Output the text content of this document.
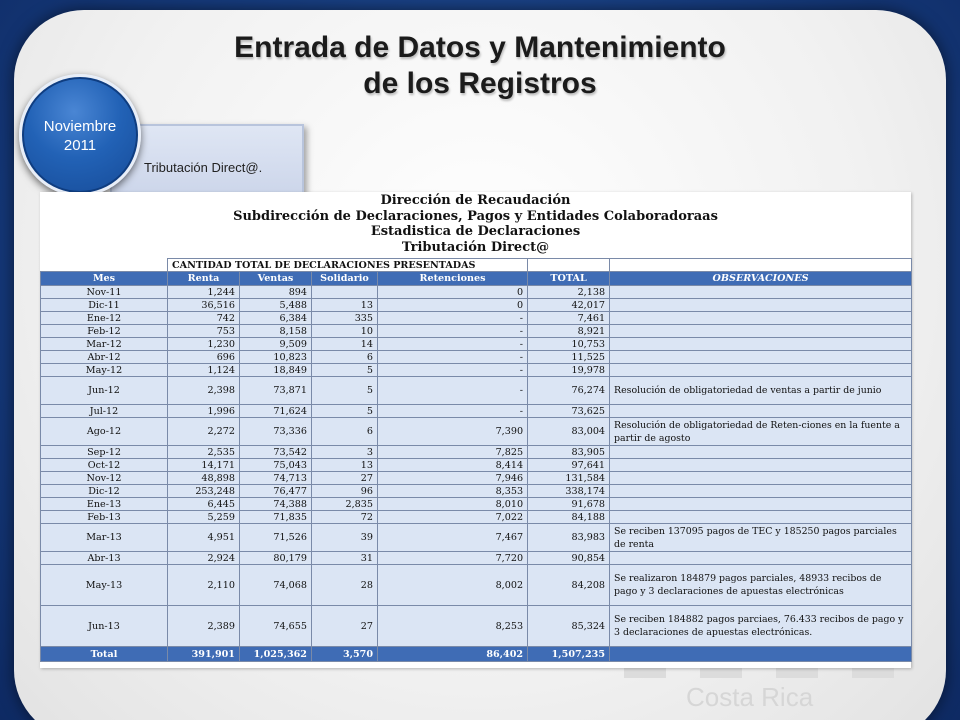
Entrada de Datos y Mantenimiento
de los Registros
Tributación Direct@.
Noviembre
2011
Costa Rica
Dirección de Recaudación
Subdirección de Declaraciones, Pagos y Entidades Colaboradoraas
Estadistica de Declaraciones
Tributación Direct@
	CANTIDAD TOTAL DE DECLARACIONES PRESENTADAS					
Mes	Renta	Ventas	Solidario	Retenciones	TOTAL	OBSERVACIONES
Nov-11	1,244	894		0	2,138	
Dic-11	36,516	5,488	13	0	42,017	
Ene-12	742	6,384	335	-	7,461	
Feb-12	753	8,158	10	-	8,921	
Mar-12	1,230	9,509	14	-	10,753	
Abr-12	696	10,823	6	-	11,525	
May-12	1,124	18,849	5	-	19,978	
Jun-12	2,398	73,871	5	-	76,274	Resolución de obligatoriedad de ventas a partir de junio
Jul-12	1,996	71,624	5	-	73,625	
Ago-12	2,272	73,336	6	7,390	83,004	Resolución de obligatoriedad de Reten-ciones en la fuente a partir de agosto
Sep-12	2,535	73,542	3	7,825	83,905	
Oct-12	14,171	75,043	13	8,414	97,641	
Nov-12	48,898	74,713	27	7,946	131,584	
Dic-12	253,248	76,477	96	8,353	338,174	
Ene-13	6,445	74,388	2,835	8,010	91,678	
Feb-13	5,259	71,835	72	7,022	84,188	
Mar-13	4,951	71,526	39	7,467	83,983	Se reciben 137095 pagos de TEC y 185250 pagos parciales de renta
Abr-13	2,924	80,179	31	7,720	90,854	
May-13	2,110	74,068	28	8,002	84,208	Se realizaron 184879 pagos parciales, 48933 recibos de pago y 3 declaraciones de apuestas electrónicas
Jun-13	2,389	74,655	27	8,253	85,324	Se reciben 184882 pagos parciaes, 76.433 recibos de pago y 3 declaraciones de apuestas electrónicas.
Total	391,901	1,025,362	3,570	86,402	1,507,235	
